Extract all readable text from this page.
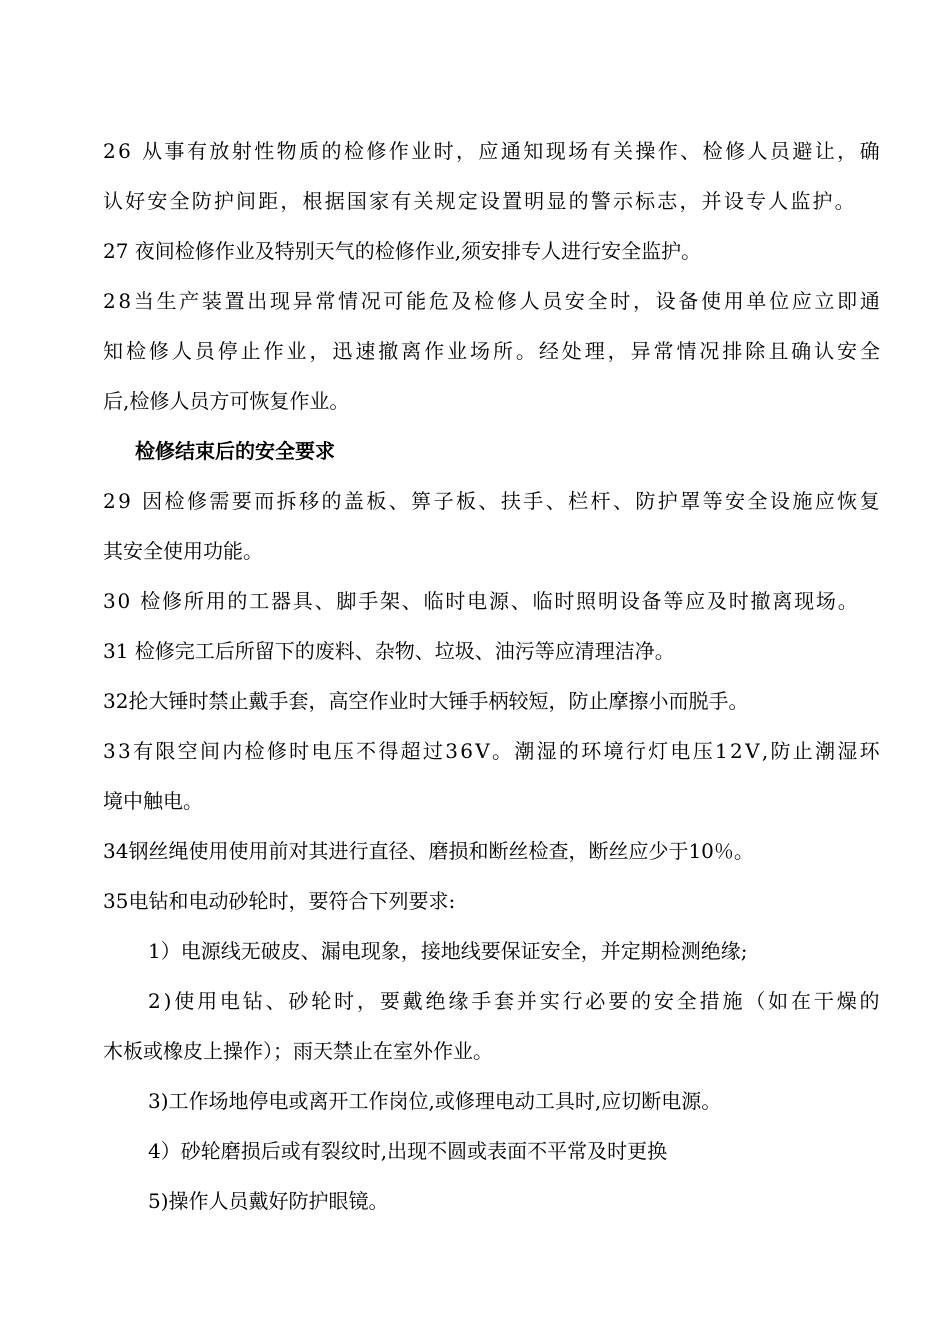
2 6
从 事 有 放 射 性 物 质 的 检 修 作 业 时 ， 应 通 知 现 场 有 关 操 作 、 检 修 人 员 避 让 ， 确
认 好 安 全 防 护 间 距 ， 根 据 国 家 有 关 规 定 设 置 明 显 的 警 示 标 志 ， 并 设 专 人 监 护 。
27 夜间检修作业及特别天气的检修作业,须安排专人进行安全监护。
2 8 当 生 产 装 置 出 现 异 常 情 况 可 能 危 及 检 修 人 员 安 全 时 ， 设 备 使 用 单 位 应 立 即 通
知 检 修 人 员 停 止 作 业 ， 迅 速 撤 离 作 业 场 所 。 经 处 理 ， 异 常 情 况 排 除 且 确 认 安 全
后,检修人员方可恢复作业。
检修结束后的安全要求
2 9
因 检 修 需 要 而 拆 移 的 盖 板 、 箅 子 板 、 扶 手 、 栏 杆 、 防 护 罩 等 安 全 设 施 应 恢 复
其安全使用功能。
3 0
检 修 所 用 的 工 器 具 、 脚 手 架 、 临 时 电 源 、 临 时 照 明 设 备 等 应 及 时 撤 离 现 场 。
31 检修完工后所留下的废料、杂物、垃圾、油污等应清理洁净。
32抡大锤时禁止戴手套，高空作业时大锤手柄较短，防止摩擦小而脱手。
3 3 有 限 空 间 内 检 修 时 电 压 不 得 超 过 3 6 V 。 潮 湿 的 环 境 行 灯 电 压 1 2 V , 防 止 潮 湿 环
境中触电。
34钢丝绳使用使用前对其进行直径、磨损和断丝检查，断丝应少于10％。
35电钻和电动砂轮时，要符合下列要求:
1）电源线无破皮、漏电现象，接地线要保证安全，并定期检测绝缘;
2 ) 使 用 电 钻 、 砂 轮 时 ， 要 戴 绝 缘 手 套 并 实 行 必 要 的 安 全 措 施 （ 如 在 干 燥 的
木板或橡皮上操作）；雨天禁止在室外作业。
3)工作场地停电或离开工作岗位,或修理电动工具时,应切断电源。
4）砂轮磨损后或有裂纹时,出现不圆或表面不平常及时更换
5)操作人员戴好防护眼镜。
